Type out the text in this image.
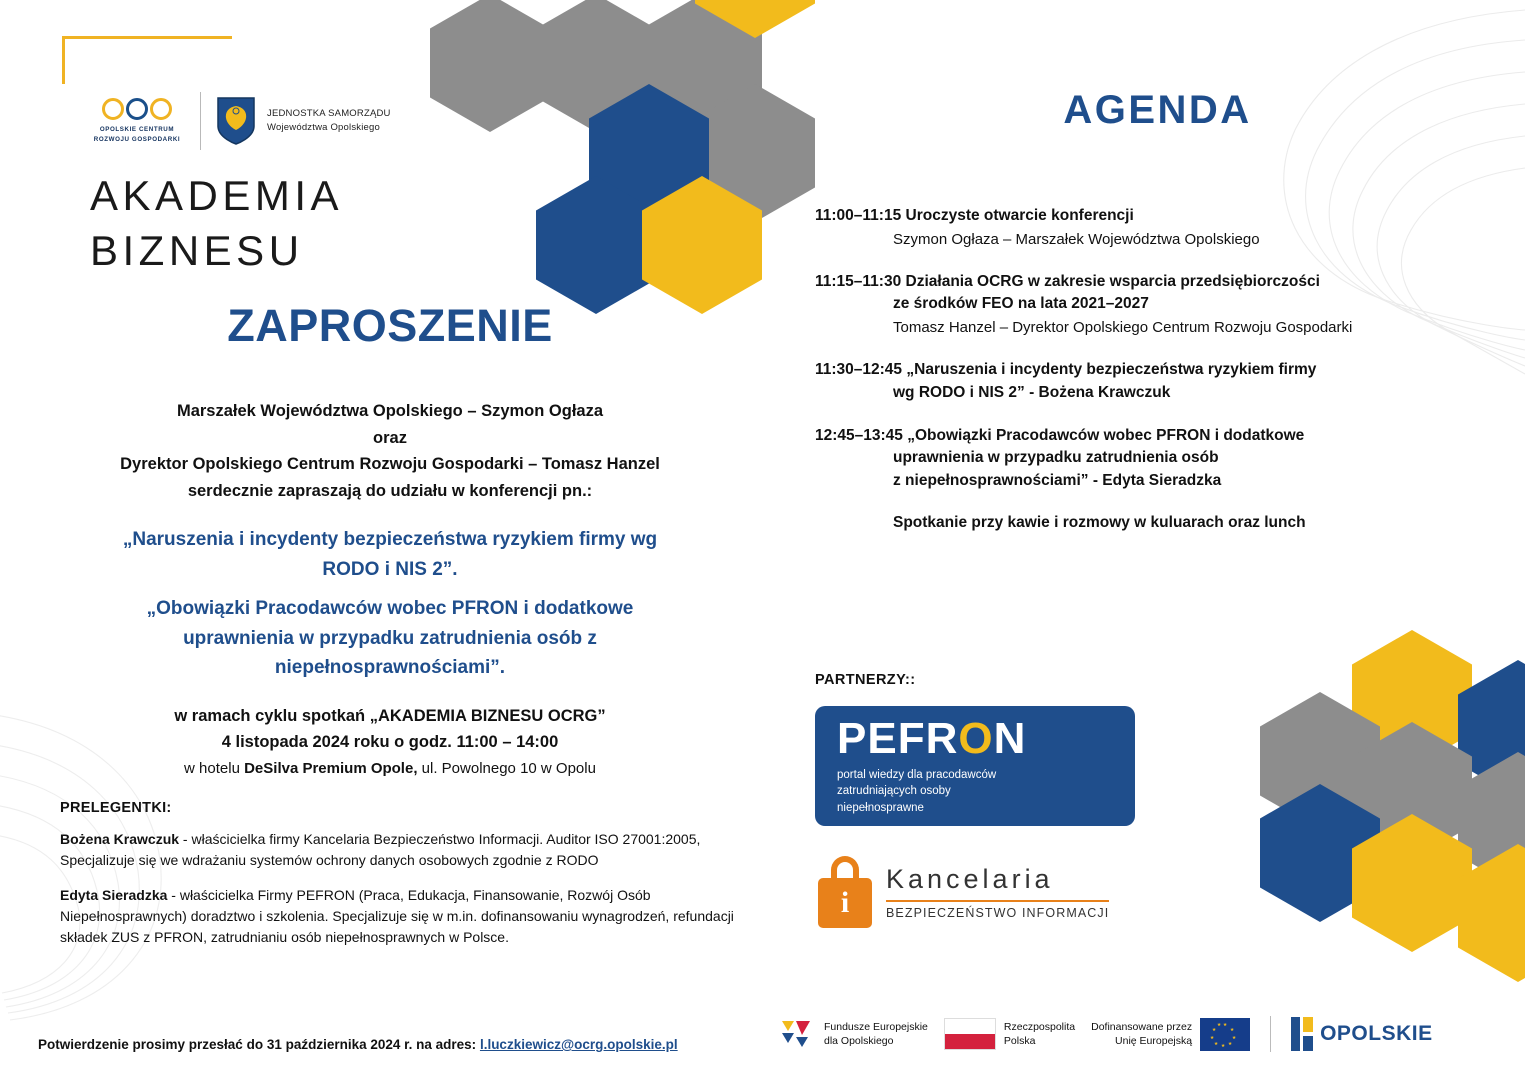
OPOLSKIE CENTRUM
ROZWOJU GOSPODARKI
JEDNOSTKA SAMORZĄDU
Województwa Opolskiego
AKADEMIA
BIZNESU
ZAPROSZENIE
Marszałek Województwa Opolskiego – Szymon Ogłaza
oraz
Dyrektor Opolskiego Centrum Rozwoju Gospodarki – Tomasz Hanzel
serdecznie zapraszają do udziału w konferencji pn.:
„Naruszenia i incydenty bezpieczeństwa ryzykiem firmy wg
RODO i NIS 2”.
„Obowiązki Pracodawców wobec PFRON i dodatkowe
uprawnienia w przypadku zatrudnienia osób z
niepełnosprawnościami”.
w ramach cyklu spotkań „AKADEMIA BIZNESU OCRG”
4 listopada 2024 roku o godz. 11:00 – 14:00
w hotelu DeSilva Premium Opole, ul. Powolnego 10 w Opolu
PRELEGENTKI:
Bożena Krawczuk - właścicielka firmy Kancelaria Bezpieczeństwo Informacji. Auditor ISO 27001:2005, Specjalizuje się we wdrażaniu systemów ochrony danych osobowych zgodnie z RODO
Edyta Sieradzka - właścicielka Firmy PEFRON (Praca, Edukacja, Finansowanie, Rozwój Osób Niepełnosprawnych) doradztwo i szkolenia. Specjalizuje się w m.in. dofinansowaniu wynagrodzeń, refundacji składek ZUS z PFRON, zatrudnianiu osób niepełnosprawnych w Polsce.
Potwierdzenie prosimy przesłać do 31 października 2024 r. na adres: l.luczkiewicz@ocrg.opolskie.pl
AGENDA
11:00–11:15 Uroczyste otwarcie konferencji
Szymon Ogłaza – Marszałek Województwa Opolskiego
11:15–11:30 Działania OCRG w zakresie wsparcia przedsiębiorczości
ze środków FEO na lata 2021–2027
Tomasz Hanzel – Dyrektor Opolskiego Centrum Rozwoju Gospodarki
11:30–12:45 „Naruszenia i incydenty bezpieczeństwa ryzykiem firmy
wg RODO i NIS 2” - Bożena Krawczuk
12:45–13:45 „Obowiązki Pracodawców wobec PFRON i dodatkowe
uprawnienia w przypadku zatrudnienia osób
z niepełnosprawnościami” - Edyta Sieradzka
Spotkanie przy kawie i rozmowy w kuluarach oraz lunch
PARTNERZY::
PEFRON
portal wiedzy dla pracodawców
zatrudniających osoby
niepełnosprawne
i
Kancelaria
BEZPIECZEŃSTWO INFORMACJI
Fundusze Europejskie
dla Opolskiego
Rzeczpospolita
Polska
Dofinansowane przez
Unię Europejską	OPOLSKIE
